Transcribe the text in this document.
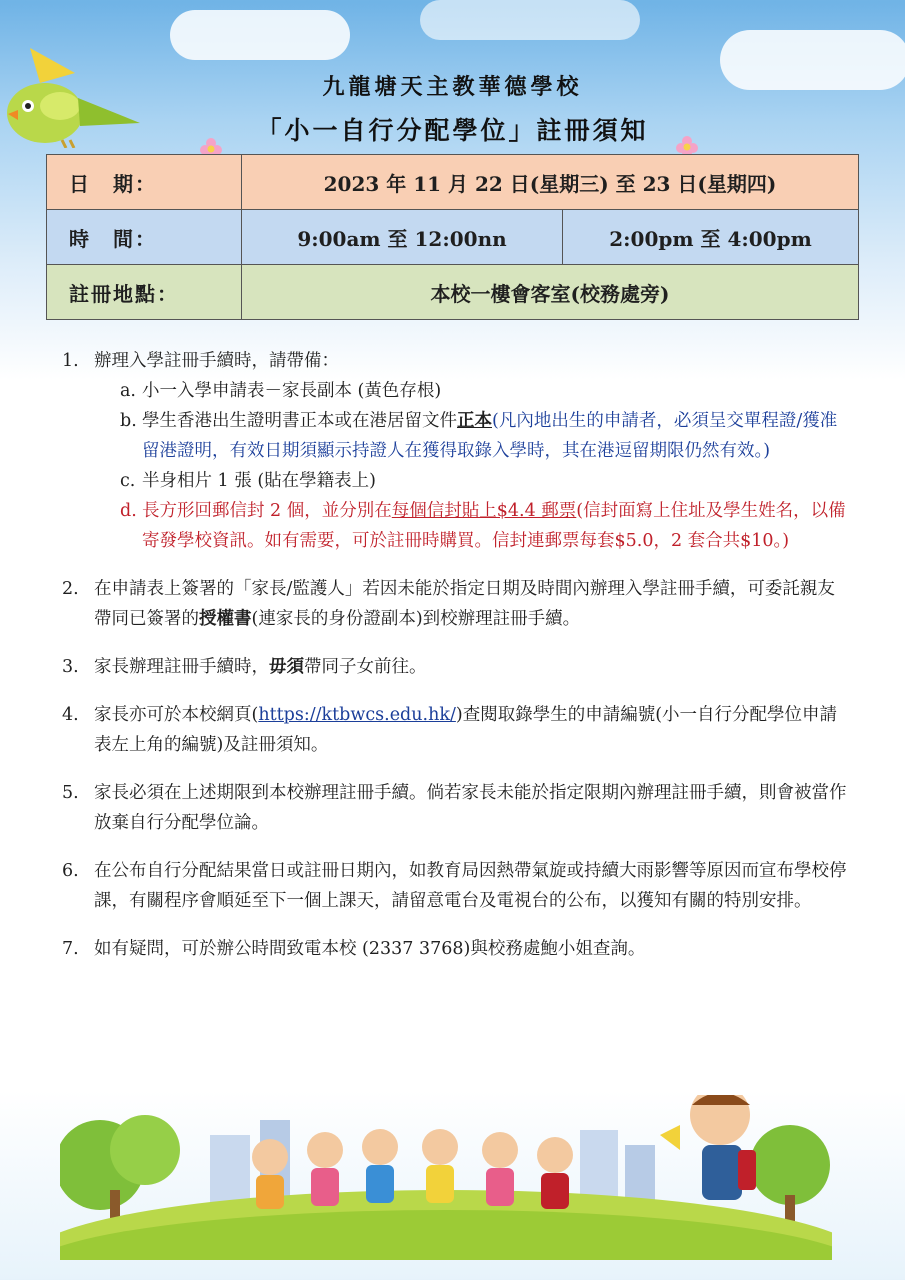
九龍塘天主教華德學校
「小一自行分配學位」註冊須知
日　期：	2023 年 11 月 22 日(星期三) 至 23 日(星期四)	
時　間：	9:00am 至 12:00nn	2:00pm 至 4:00pm
註冊地點：	本校一樓會客室(校務處旁)	
1. 辦理入學註冊手續時，請帶備：
a. 小一入學申請表－家長副本 (黃色存根)
b. 學生香港出生證明書正本或在港居留文件正本(凡內地出生的申請者，必須呈交單程證/獲准留港證明，有效日期須顯示持證人在獲得取錄入學時，其在港逗留期限仍然有效。)
c. 半身相片 1 張 (貼在學籍表上)
d. 長方形回郵信封 2 個，並分別在每個信封貼上$4.4 郵票(信封面寫上住址及學生姓名，以備寄發學校資訊。如有需要，可於註冊時購買。信封連郵票每套$5.0，2 套合共$10。)
2. 在申請表上簽署的「家長/監護人」若因未能於指定日期及時間內辦理入學註冊手續，可委託親友帶同已簽署的授權書(連家長的身份證副本)到校辦理註冊手續。
3. 家長辦理註冊手續時，毋須帶同子女前往。
4. 家長亦可於本校網頁(https://ktbwcs.edu.hk/)查閱取錄學生的申請編號(小一自行分配學位申請表左上角的編號)及註冊須知。
5. 家長必須在上述期限到本校辦理註冊手續。倘若家長未能於指定限期內辦理註冊手續，則會被當作放棄自行分配學位論。
6. 在公布自行分配結果當日或註冊日期內，如教育局因熱帶氣旋或持續大雨影響等原因而宣布學校停課，有關程序會順延至下一個上課天，請留意電台及電視台的公布，以獲知有關的特別安排。
7. 如有疑問，可於辦公時間致電本校 (2337 3768)與校務處鮑小姐查詢。
